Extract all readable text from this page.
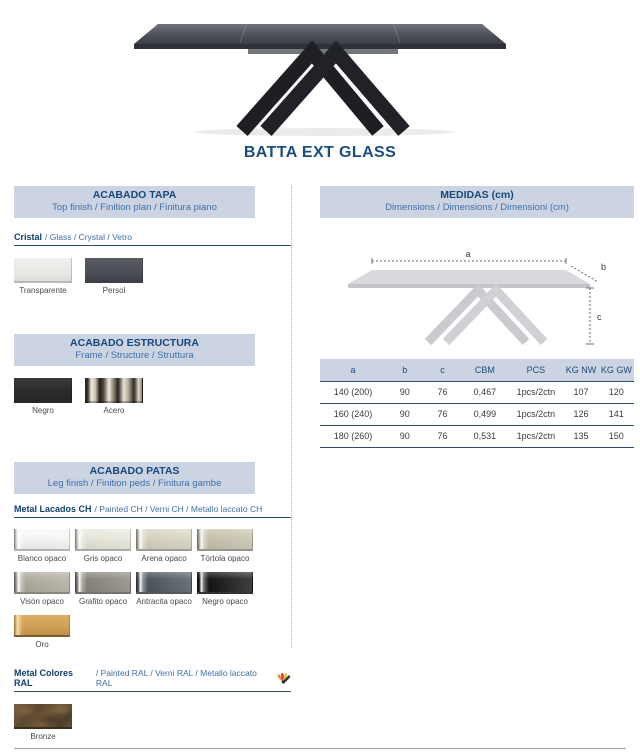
BATTA EXT GLASS
ACABADO TAPA
Top finish / Finition plan / Finitura piano
Cristal / Glass / Crystal / Vetro
Transparente	Persol
ACABADO ESTRUCTURA
Frame / Structure / Struttura
Negro	Acero
ACABADO PATAS
Leg finish / Finition peds / Finitura gambe
Metal Lacados CH / Painted CH / Verni CH / Metallo laccato CH
Blanco opaco Gris opaco Arena opaco Tórtola opaco
Visón opaco Grafito opaco Antracita opaco Negro opaco
Oro
Metal Colores RAL
/ Painted RAL / Verni RAL / Metallo laccato RAL
Bronze
MEDIDAS (cm)
Dimensions / Dimensions / Dimensioni (cm)
a
b
c
a	b	c	CBM	PCS	KG NW	KG GW
140 (200)	90	76	0,467	1pcs/2ctn	107	120
160 (240)	90	76	0,499	1pcs/2ctn	126	141
180 (260)	90	76	0,531	1pcs/2ctn	135	150
